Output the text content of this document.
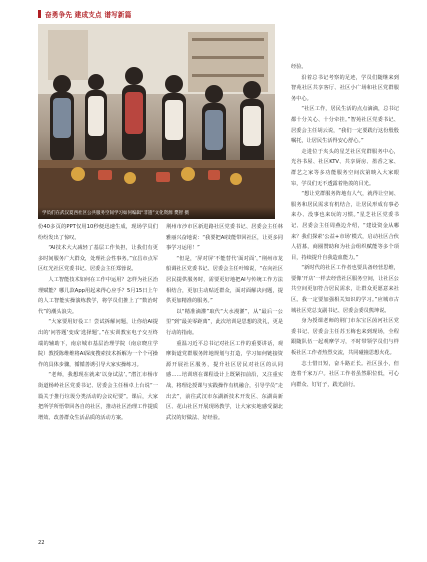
奋勇争先 建成支点 谱写新篇
学员们在武汉夏西社区公共服务空间学习如何编辑“非遗”文化资源 樊智 摄

份40多页的PPT仅用10秒便迅速生成，现场学员们纷纷发出了惊叹。

“AI技术大大减轻了基层工作负担，让我们有更多时间服务广大群众，处理社会性事务。”宜昌市点军区红光社区党委书记、居委会主任郑蓉说。

人工智能技术如何在工作中运用？怎样为社区治理赋能？哪儿款App用起来得心应手？5月15日上午的人工智能实操演练教学，将学员们推上了“数治时代”的潮头浪尖。

“大家要用好役工！尝试拆解问题，让你给AI提出的‘问答题’变成‘选择题’。”在实训教室电子交互终端的辅助下，南京城市基层治理学院（南京晓庄学院）教授陈维维将AI深度搜索技术拆解为一个个可操作的具体步骤，循循善诱引导大家实操练习。

“老师，我想现在就来‘以身试法’。”潜江市杨市街道杨岭社区党委书记、居委会主任杨卓上台说“一篇关于推行垃圾分类活动的会议纪要”。课后，大家把所学所悟带回各自的社区，推动社区治理工作提质增效、改善群众生活品质的活动方案。

荆州市沙市区新进路社区党委书记、居委会主任林雅丽兴奋地说：“我要把AI技能带回社区，让更多同事学习运用！”

“但是，‘屏对屏’不能替代‘面对面’，”荆州市龙船调社区党委书记、居委会主任叶锦说，“在向社区居民提供服务时，需要更好地把AI与传统工作方法相结合，更加主动贴近群众，面对面解决问题，提供更加精准的服务。”

以“精准滴灌”取代“大水漫灌”，从“最后一公里”到“最美零距离”，此次培训是思想的洗礼，更是行动的指南。

重温习近平总书记对社区工作的重要讲话，观摩街道党群服务阵地规划与打造，学习如何链接资源开展社区服务，提升社区居民对社区的认同感……培训班在课程设计上既紧扣前沿，又注重实战，将理论授课与实践操作有机融合，引导学员“走出去”，前往武汉市东湖新技术开发区、东湖高新区、花山社区开展现场教学，让大家实地感受湖北武汉的好做法、好经验。

经验。

沿着总书记考察的足迹，学员们随继来到智苑社区共享客厅、社区小广场和社区党群服务中心。

“社区工作，居民生活的点点滴滴，总书记都十分关心、十分牵挂。”智苑社区党委书记、居委会主任胡云说，“我们一定要践行这份殷殷嘱托，让居民生活得安心舒心。”

走进位于夹头的星芝社区党群服务中心，光谷书屋、社区KTV、共享厨房、墨香之家、群艺之家等多功能服务空间次第映入大家眼帘，学员们无不透露着艳羡的目光。

“想让党群服务阵地有人气，就得让空间、服务和居民需求有机结合，让居民形成有事必来办、没事也来玩的习惯。”星芝社区党委书记、居委会主任周燕边介绍，“建设资金从哪来？我们探索‘公益+市场’模式，启动社区合伙人招募，商圈赞助和为社会组织赋能等多个项目，持续提升自我造血能力。”

“新时代的社区工作者也要具备经营思维，要像‘开店’一样去经营社区服务空间，让社区公共空间更加符合居民需求，让群众更愿意来社区。我一定要加强相关知识的学习。”应城市古城社区党总支副书记、居委会委员熊坤说。

身为授课老师的荆门市东宝区茵河社区党委书记、居委会主任苏玉梅也来到现场，全程跟随队伍一起观摩学习，不时带领学员们与样板社区工作者热烈交流，共同碰撞思想火花。

志士惜日短，奋斗路正长。社区虽小，但连着千家万户。社区工作者虽然职位低，可心向群众、钉钉子，践光前行。

22
